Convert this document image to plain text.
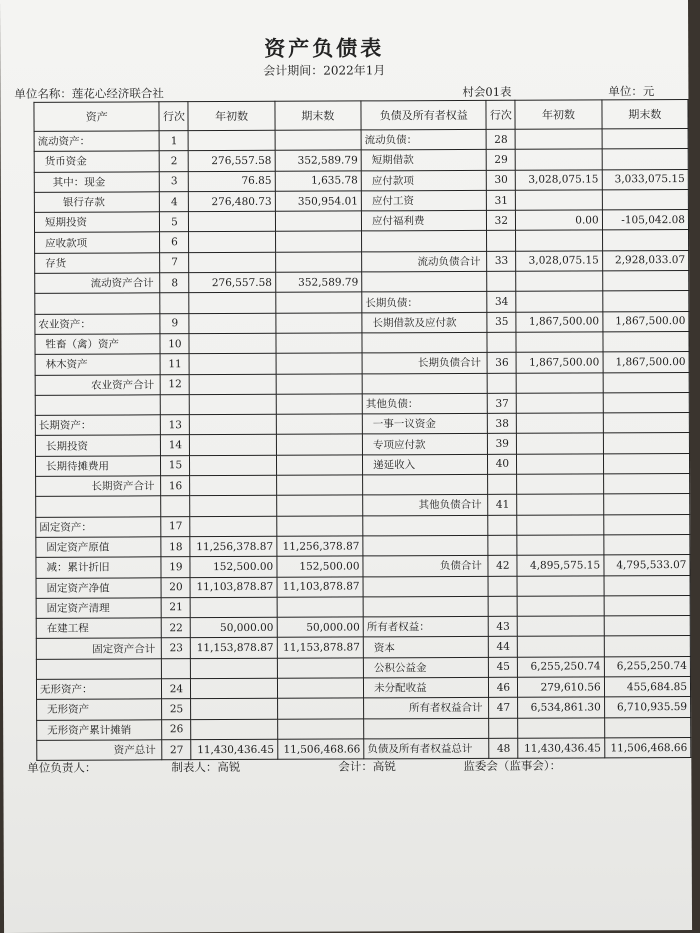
资产负债表
会计期间：2022年1月
单位名称：莲花心经济联合社	村会01表	单位：元
资产	行次	年初数	期末数	负债及所有者权益	行次	年初数	期末数
流动资产：	1			流动负债：	28		
货币资金	2	276,557.58	352,589.79	短期借款	29		
其中：现金	3	76.85	1,635.78	应付款项	30	3,028,075.15	3,033,075.15
银行存款	4	276,480.73	350,954.01	应付工资	31		
短期投资	5			应付福利费	32	0.00	-105,042.08
应收款项	6						
存货	7			流动负债合计	33	3,028,075.15	2,928,033.07
流动资产合计	8	276,557.58	352,589.79				
				长期负债：	34		
农业资产：	9			长期借款及应付款	35	1,867,500.00	1,867,500.00
牲畜（禽）资产	10						
林木资产	11			长期负债合计	36	1,867,500.00	1,867,500.00
农业资产合计	12						
				其他负债：	37		
长期资产：	13			一事一议资金	38		
长期投资	14			专项应付款	39		
长期待摊费用	15			递延收入	40		
长期资产合计	16						
				其他负债合计	41		
固定资产：	17						
固定资产原值	18	11,256,378.87	11,256,378.87				
减：累计折旧	19	152,500.00	152,500.00	负债合计	42	4,895,575.15	4,795,533.07
固定资产净值	20	11,103,878.87	11,103,878.87				
固定资产清理	21						
在建工程	22	50,000.00	50,000.00	所有者权益：	43		
固定资产合计	23	11,153,878.87	11,153,878.87	资本	44		
				公积公益金	45	6,255,250.74	6,255,250.74
无形资产：	24			未分配收益	46	279,610.56	455,684.85
无形资产	25			所有者权益合计	47	6,534,861.30	6,710,935.59
无形资产累计摊销	26						
资产总计	27	11,430,436.45	11,506,468.66	负债及所有者权益总计	48	11,430,436.45	11,506,468.66
单位负责人：	制表人：高锐	会计：高锐	监委会（监事会）：
